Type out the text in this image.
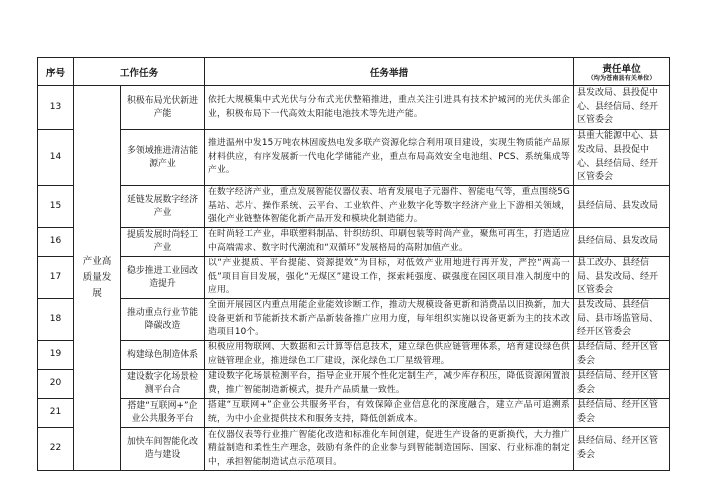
序号	工作任务		任务举措	责任单位
（均为苍南县有关单位）

13	产业高质量发展	积极布局光伏新进产能	依托大规模集中式光伏与分布式光伏整箱推进，重点关注引进具有技术护城河的光伏头部企业，积极布局下一代高效太阳能电池技术等先进产能。	县发改局、县投促中心、县经信局、经开区管委会
14		多领域推进清洁能源产业	推进温州中发15万吨农林固废热电发多联产资源化综合利用项目建设，实现生物质能产品原材料供应，有序发展新一代电化学储能产业，重点布局高效安全电池组、PCS、系统集成等产业。	县重大能源中心、县发改局、县投促中心、县经信局、经开区管委会
15		延链发展数字经济产业	在数字经济产业，重点发展智能仪器仪表、培育发展电子元器件、智能电气等，重点围绕5G基站、芯片、操作系统、云平台、工业软件、产业数字化等数字经济产业上下游相关领域，强化产业链整体智能化新产品开发和模块化制造能力。	县经信局、县发改局
16		提质发展时尚轻工产业	在时尚轻工产业，串联塑料制品、针织纺织、印刷包装等时尚产业，聚焦可再生，打造适应中高端需求、数字时代潮流和“双循环”发展格局的高附加值产业。	县经信局、县发改局
17		稳步推进工业园改造提升	以“产业提质、平台提能、资源提效”为目标，对低效产业用地进行再开发，严控“两高一低”项目盲目发展，强化“无煤区”建设工作，探索耗强度、碳强度在园区项目准入制度中的应用。	县工改办、县经信局、县发改局、经开区管委会
18		推动重点行业节能降碳改造	全面开展园区内重点用能企业能效诊断工作，推动大规模设备更新和消费品以旧换新，加大设备更新和节能新技术新产品新装备推广应用力度，每年组织实施以设备更新为主的技术改造项目10个。	县发改局、县经信局、县市场监管局、经开区管委会
19		构建绿色制造体系	积极应用物联网、大数据和云计算等信息技术，建立绿色供应链管理体系，培育建设绿色供应链管理企业，推进绿色工厂建设，深化绿色工厂星级管理。	县经信局、经开区管委会
20		建设数字化场景检测平台合	建设数字化场景检测平台，指导企业开展个性化定制生产，减少库存积压，降低资源闲置浪费，推广智能制造新模式，提升产品质量一致性。	县经信局、经开区管委会
21		搭建“互联网+”企业公共服务平台	搭建“互联网+”企业公共服务平台，有效保障企业信息化的深度融合，建立产品可追溯系统，为中小企业提供技术和服务支持，降低创新成本。	县经信局、经开区管委会
22		加快车间智能化改造与建设	在仪器仪表等行业推广智能化改造和标准化车间创建，促进生产设备的更新换代，大力推广精益制造和柔性生产理念，鼓励有条件的企业参与到智能制造国际、国家、行业标准的制定中，承担智能制造试点示范项目。	县经信局、经开区管委会
